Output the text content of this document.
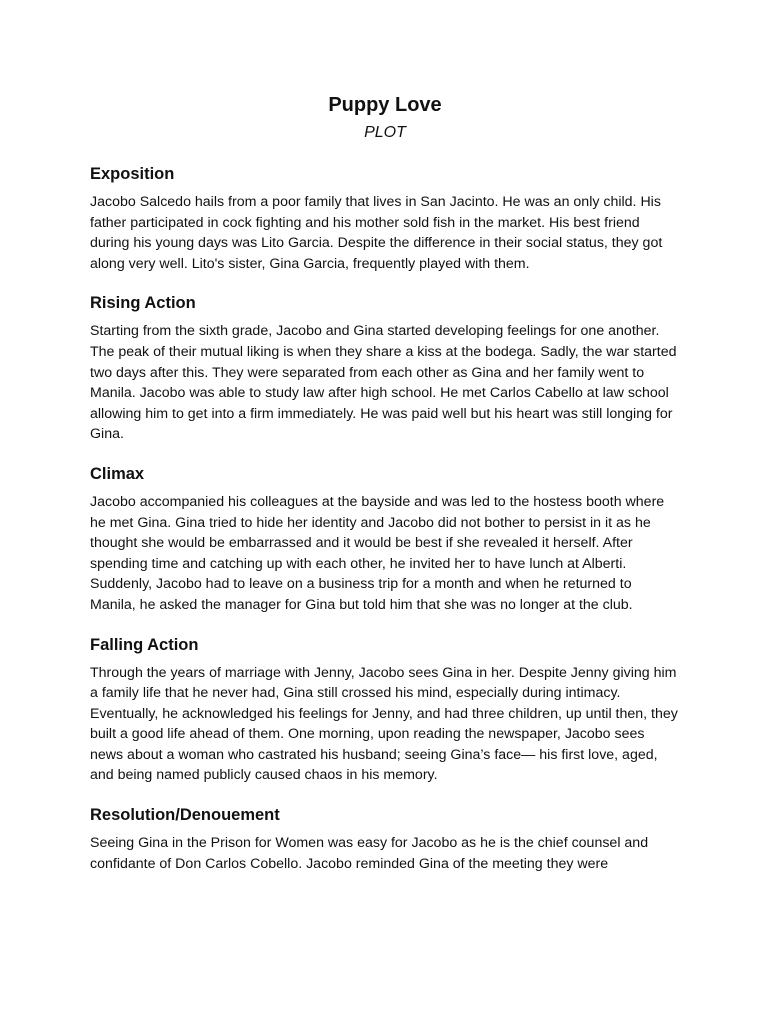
Puppy Love
PLOT
Exposition

Jacobo Salcedo hails from a poor family that lives in San Jacinto. He was an only child. His father participated in cock fighting and his mother sold fish in the market. His best friend during his young days was Lito Garcia. Despite the difference in their social status, they got along very well. Lito's sister, Gina Garcia, frequently played with them.

Rising Action

Starting from the sixth grade, Jacobo and Gina started developing feelings for one another. The peak of their mutual liking is when they share a kiss at the bodega. Sadly, the war started two days after this. They were separated from each other as Gina and her family went to Manila. Jacobo was able to study law after high school. He met Carlos Cabello at law school allowing him to get into a firm immediately. He was paid well but his heart was still longing for Gina.

Climax

Jacobo accompanied his colleagues at the bayside and was led to the hostess booth where he met Gina. Gina tried to hide her identity and Jacobo did not bother to persist in it as he thought she would be embarrassed and it would be best if she revealed it herself. After spending time and catching up with each other, he invited her to have lunch at Alberti. Suddenly, Jacobo had to leave on a business trip for a month and when he returned to Manila, he asked the manager for Gina but told him that she was no longer at the club.

Falling Action

Through the years of marriage with Jenny, Jacobo sees Gina in her. Despite Jenny giving him a family life that he never had, Gina still crossed his mind, especially during intimacy. Eventually, he acknowledged his feelings for Jenny, and had three children, up until then, they built a good life ahead of them. One morning, upon reading the newspaper, Jacobo sees news about a woman who castrated his husband; seeing Gina’s face— his first love, aged, and being named publicly caused chaos in his memory.

Resolution/Denouement

Seeing Gina in the Prison for Women was easy for Jacobo as he is the chief counsel and confidante of Don Carlos Cobello. Jacobo reminded Gina of the meeting they were
